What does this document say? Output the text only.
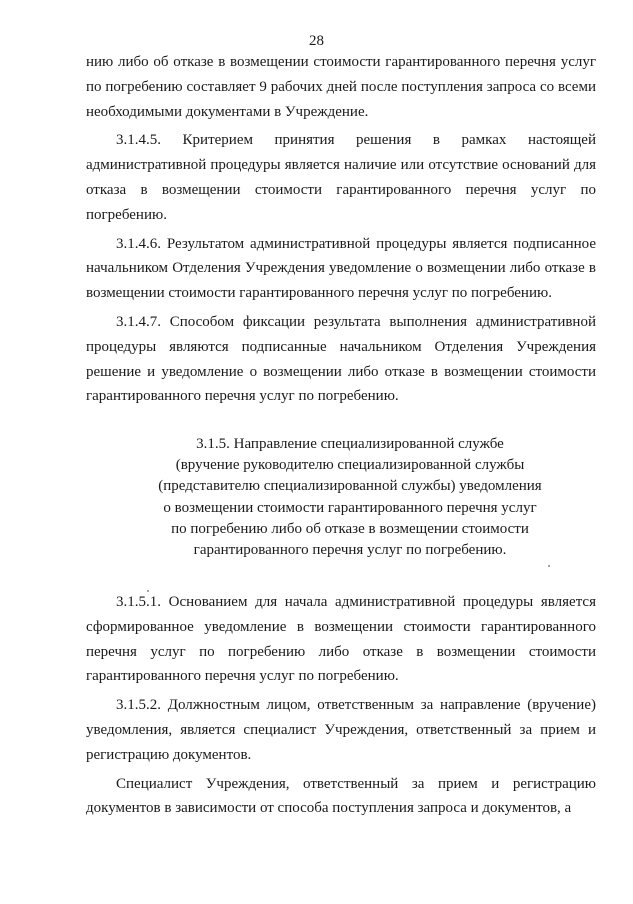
28

нию либо об отказе в возмещении стоимости гарантированного перечня услуг по погребению составляет 9 рабочих дней после поступления запроса со всеми необходимыми документами в Учреждение.

3.1.4.5. Критерием принятия решения в рамках настоящей административной процедуры является наличие или отсутствие оснований для отказа в возмещении стоимости гарантированного перечня услуг по погребению.

3.1.4.6. Результатом административной процедуры является подписанное начальником Отделения Учреждения уведомление о возмещении либо отказе в возмещении стоимости гарантированного перечня услуг по погребению.

3.1.4.7. Способом фиксации результата выполнения административной процедуры являются подписанные начальником Отделения Учреждения решение и уведомление о возмещении либо отказе в возмещении стоимости гарантированного перечня услуг по погребению.

3.1.5. Направление специализированной службе
(вручение руководителю специализированной службы
(представителю специализированной службы) уведомления
о возмещении стоимости гарантированного перечня услуг
по погребению либо об отказе в возмещении стоимости
гарантированного перечня услуг по погребению.

3.1.5.1. Основанием для начала административной процедуры является сформированное уведомление в возмещении стоимости гарантированного перечня услуг по погребению либо отказе в возмещении стоимости гарантированного перечня услуг по погребению.

3.1.5.2. Должностным лицом, ответственным за направление (вручение) уведомления, является специалист Учреждения, ответственный за прием и регистрацию документов.

Специалист Учреждения, ответственный за прием и регистрацию документов в зависимости от способа поступления запроса и документов, а
